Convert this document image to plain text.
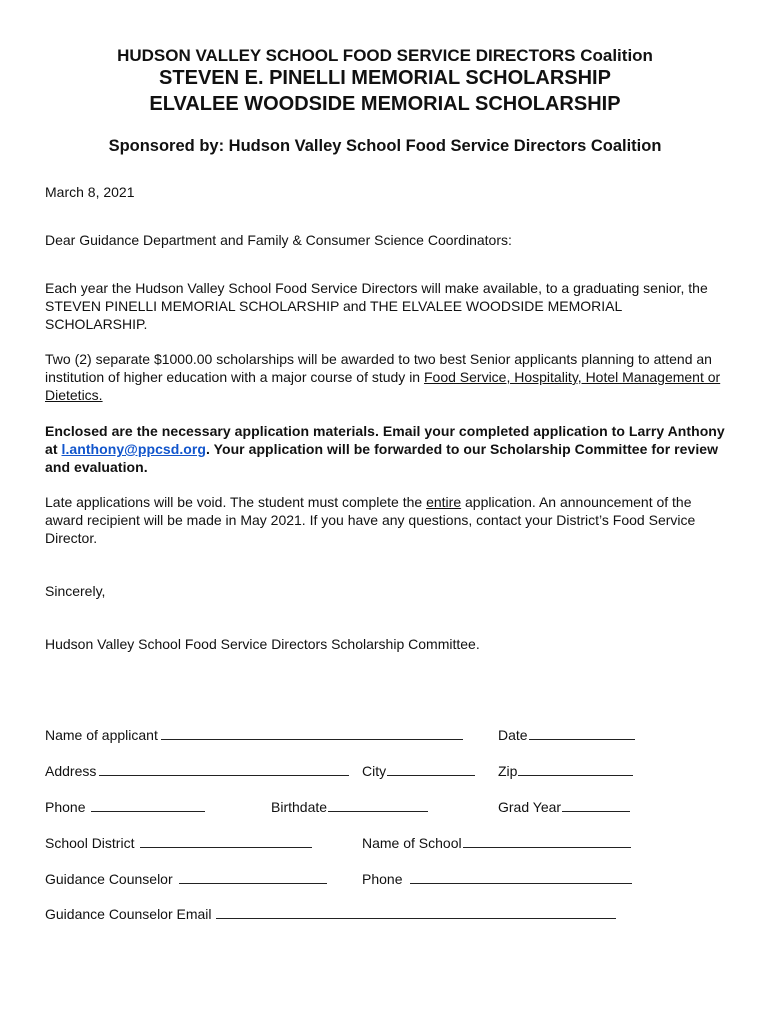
HUDSON VALLEY SCHOOL FOOD SERVICE DIRECTORS Coalition
STEVEN E. PINELLI MEMORIAL SCHOLARSHIP
ELVALEE WOODSIDE MEMORIAL SCHOLARSHIP
Sponsored by: Hudson Valley School Food Service Directors Coalition

March 8, 2021

Dear Guidance Department and Family & Consumer Science Coordinators:

Each year the Hudson Valley School Food Service Directors will make available, to a graduating senior, the STEVEN PINELLI MEMORIAL SCHOLARSHIP and THE ELVALEE WOODSIDE MEMORIAL SCHOLARSHIP.

Two (2) separate $1000.00 scholarships will be awarded to two best Senior applicants planning to attend an institution of higher education with a major course of study in Food Service, Hospitality, Hotel Management or Dietetics.

Enclosed are the necessary application materials. Email your completed application to Larry Anthony at l.anthony@ppcsd.org. Your application will be forwarded to our Scholarship Committee for review and evaluation.

Late applications will be void. The student must complete the entire application. An announcement of the award recipient will be made in May 2021. If you have any questions, contact your District’s Food Service Director.

Sincerely,

Hudson Valley School Food Service Directors Scholarship Committee.

Name of applicant	Date
Address	City	Zip
Phone	Birthdate	Grad Year
School District	Name of School
Guidance Counselor	Phone
Guidance Counselor Email
